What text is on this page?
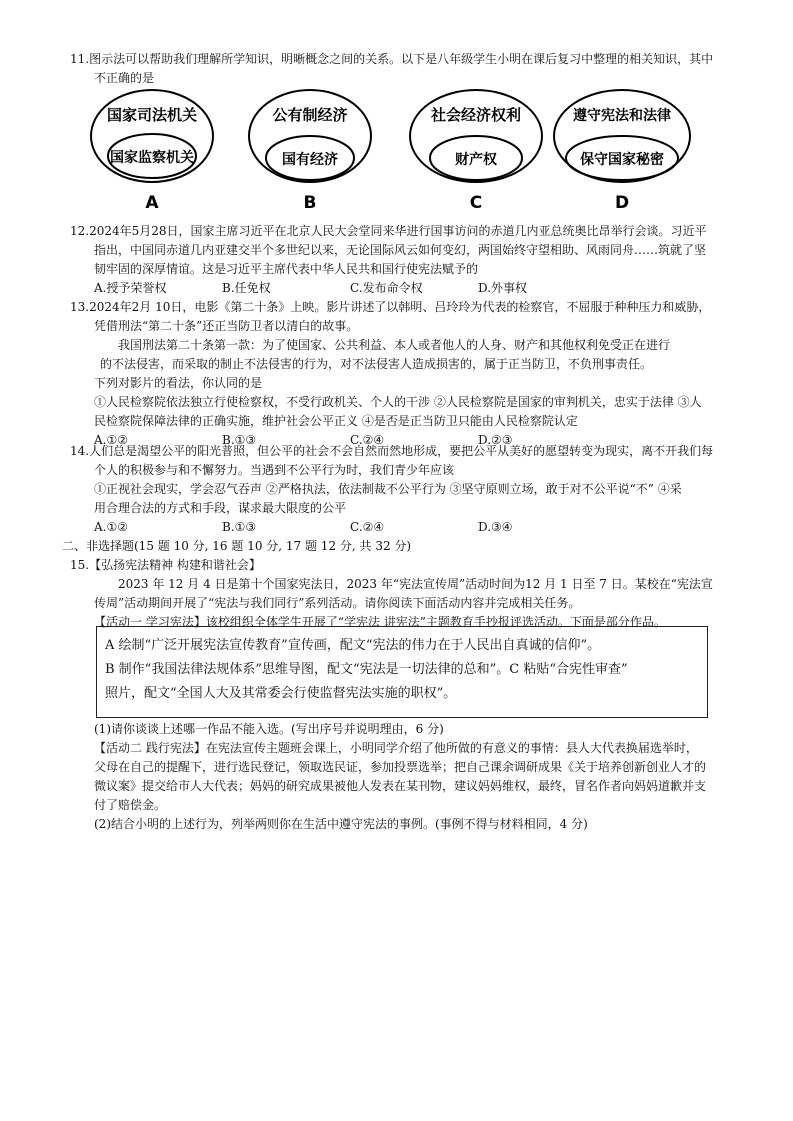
11.图示法可以帮助我们理解所学知识，明晰概念之间的关系。以下是八年级学生小明在课后复习中整理的相关知识，其中

不正确的是

国家司法机关
国家监察机关
A
公有制经济
国有经济
B
社会经济权利
财产权
C
遵守宪法和法律
保守国家秘密
D

12.2024年5月28日，国家主席习近平在北京人民大会堂同来华进行国事访问的赤道几内亚总统奥比昂举行会谈。习近平

指出，中国同赤道几内亚建交半个多世纪以来，无论国际风云如何变幻，两国始终守望相助、风雨同舟……筑就了坚

韧牢固的深厚情谊。这是习近平主席代表中华人民共和国行使宪法赋予的

A.授予荣誉权	B.任免权	C.发布命令权	D.外事权

13.2024年2月 10日，电影《第二十条》上映。影片讲述了以韩明、吕玲玲为代表的检察官，不屈服于种种压力和威胁，

凭借刑法“第二十条”还正当防卫者以清白的故事。

我国刑法第二十条第一款：为了使国家、公共利益、本人或者他人的人身、财产和其他权利免受正在进行

的不法侵害，而采取的制止不法侵害的行为，对不法侵害人造成损害的，属于正当防卫，不负刑事责任。

下列对影片的看法，你认同的是

①人民检察院依法独立行使检察权，不受行政机关、个人的干涉 ②人民检察院是国家的审判机关，忠实于法律 ③人

民检察院保障法律的正确实施，维护社会公平正义 ④是否是正当防卫只能由人民检察院认定

A.①②	B.①③	C.②④	D.②③

14.人们总是渴望公平的阳光普照，但公平的社会不会自然而然地形成，要把公平从美好的愿望转变为现实，离不开我们每

个人的积极参与和不懈努力。当遇到不公平行为时，我们青少年应该

①正视社会现实，学会忍气吞声 ②严格执法，依法制裁不公平行为 ③坚守原则立场，敢于对不公平说“不” ④采

用合理合法的方式和手段，谋求最大限度的公平

A.①②	B.①③	C.②④	D.③④

二、非选择题(15 题 10 分, 16 题 10 分, 17 题 12 分, 共 32 分)

15.【弘扬宪法精神 构建和谐社会】

2023 年 12 月 4 日是第十个国家宪法日，2023 年“宪法宣传周”活动时间为12 月 1 日至 7 日。某校在“宪法宣

传周”活动期间开展了“宪法与我们同行”系列活动。请你阅读下面活动内容并完成相关任务。

【活动一 学习宪法】该校组织全体学生开展了“学宪法 讲宪法”主题教育手抄报评选活动。下面是部分作品。

A 绘制“广泛开展宪法宣传教育”宣传画，配文“宪法的伟力在于人民出自真诚的信仰”。

B 制作“我国法律法规体系”思维导图，配文“宪法是一切法律的总和”。C 粘贴“合宪性审查”

照片，配文“全国人大及其常委会行使监督宪法实施的职权”。

(1)请你谈谈上述哪一作品不能入选。(写出序号并说明理由，6 分)

【活动二 践行宪法】在宪法宣传主题班会课上，小明同学介绍了他所做的有意义的事情：县人大代表换届选举时，

父母在自己的提醒下，进行选民登记，领取选民证，参加投票选举；把自己课余调研成果《关于培养创新创业人才的

微议案》提交给市人大代表；妈妈的研究成果被他人发表在某刊物，建议妈妈维权，最终，冒名作者向妈妈道歉并支

付了赔偿金。

(2)结合小明的上述行为，列举两则你在生活中遵守宪法的事例。(事例不得与材料相同，4 分)
